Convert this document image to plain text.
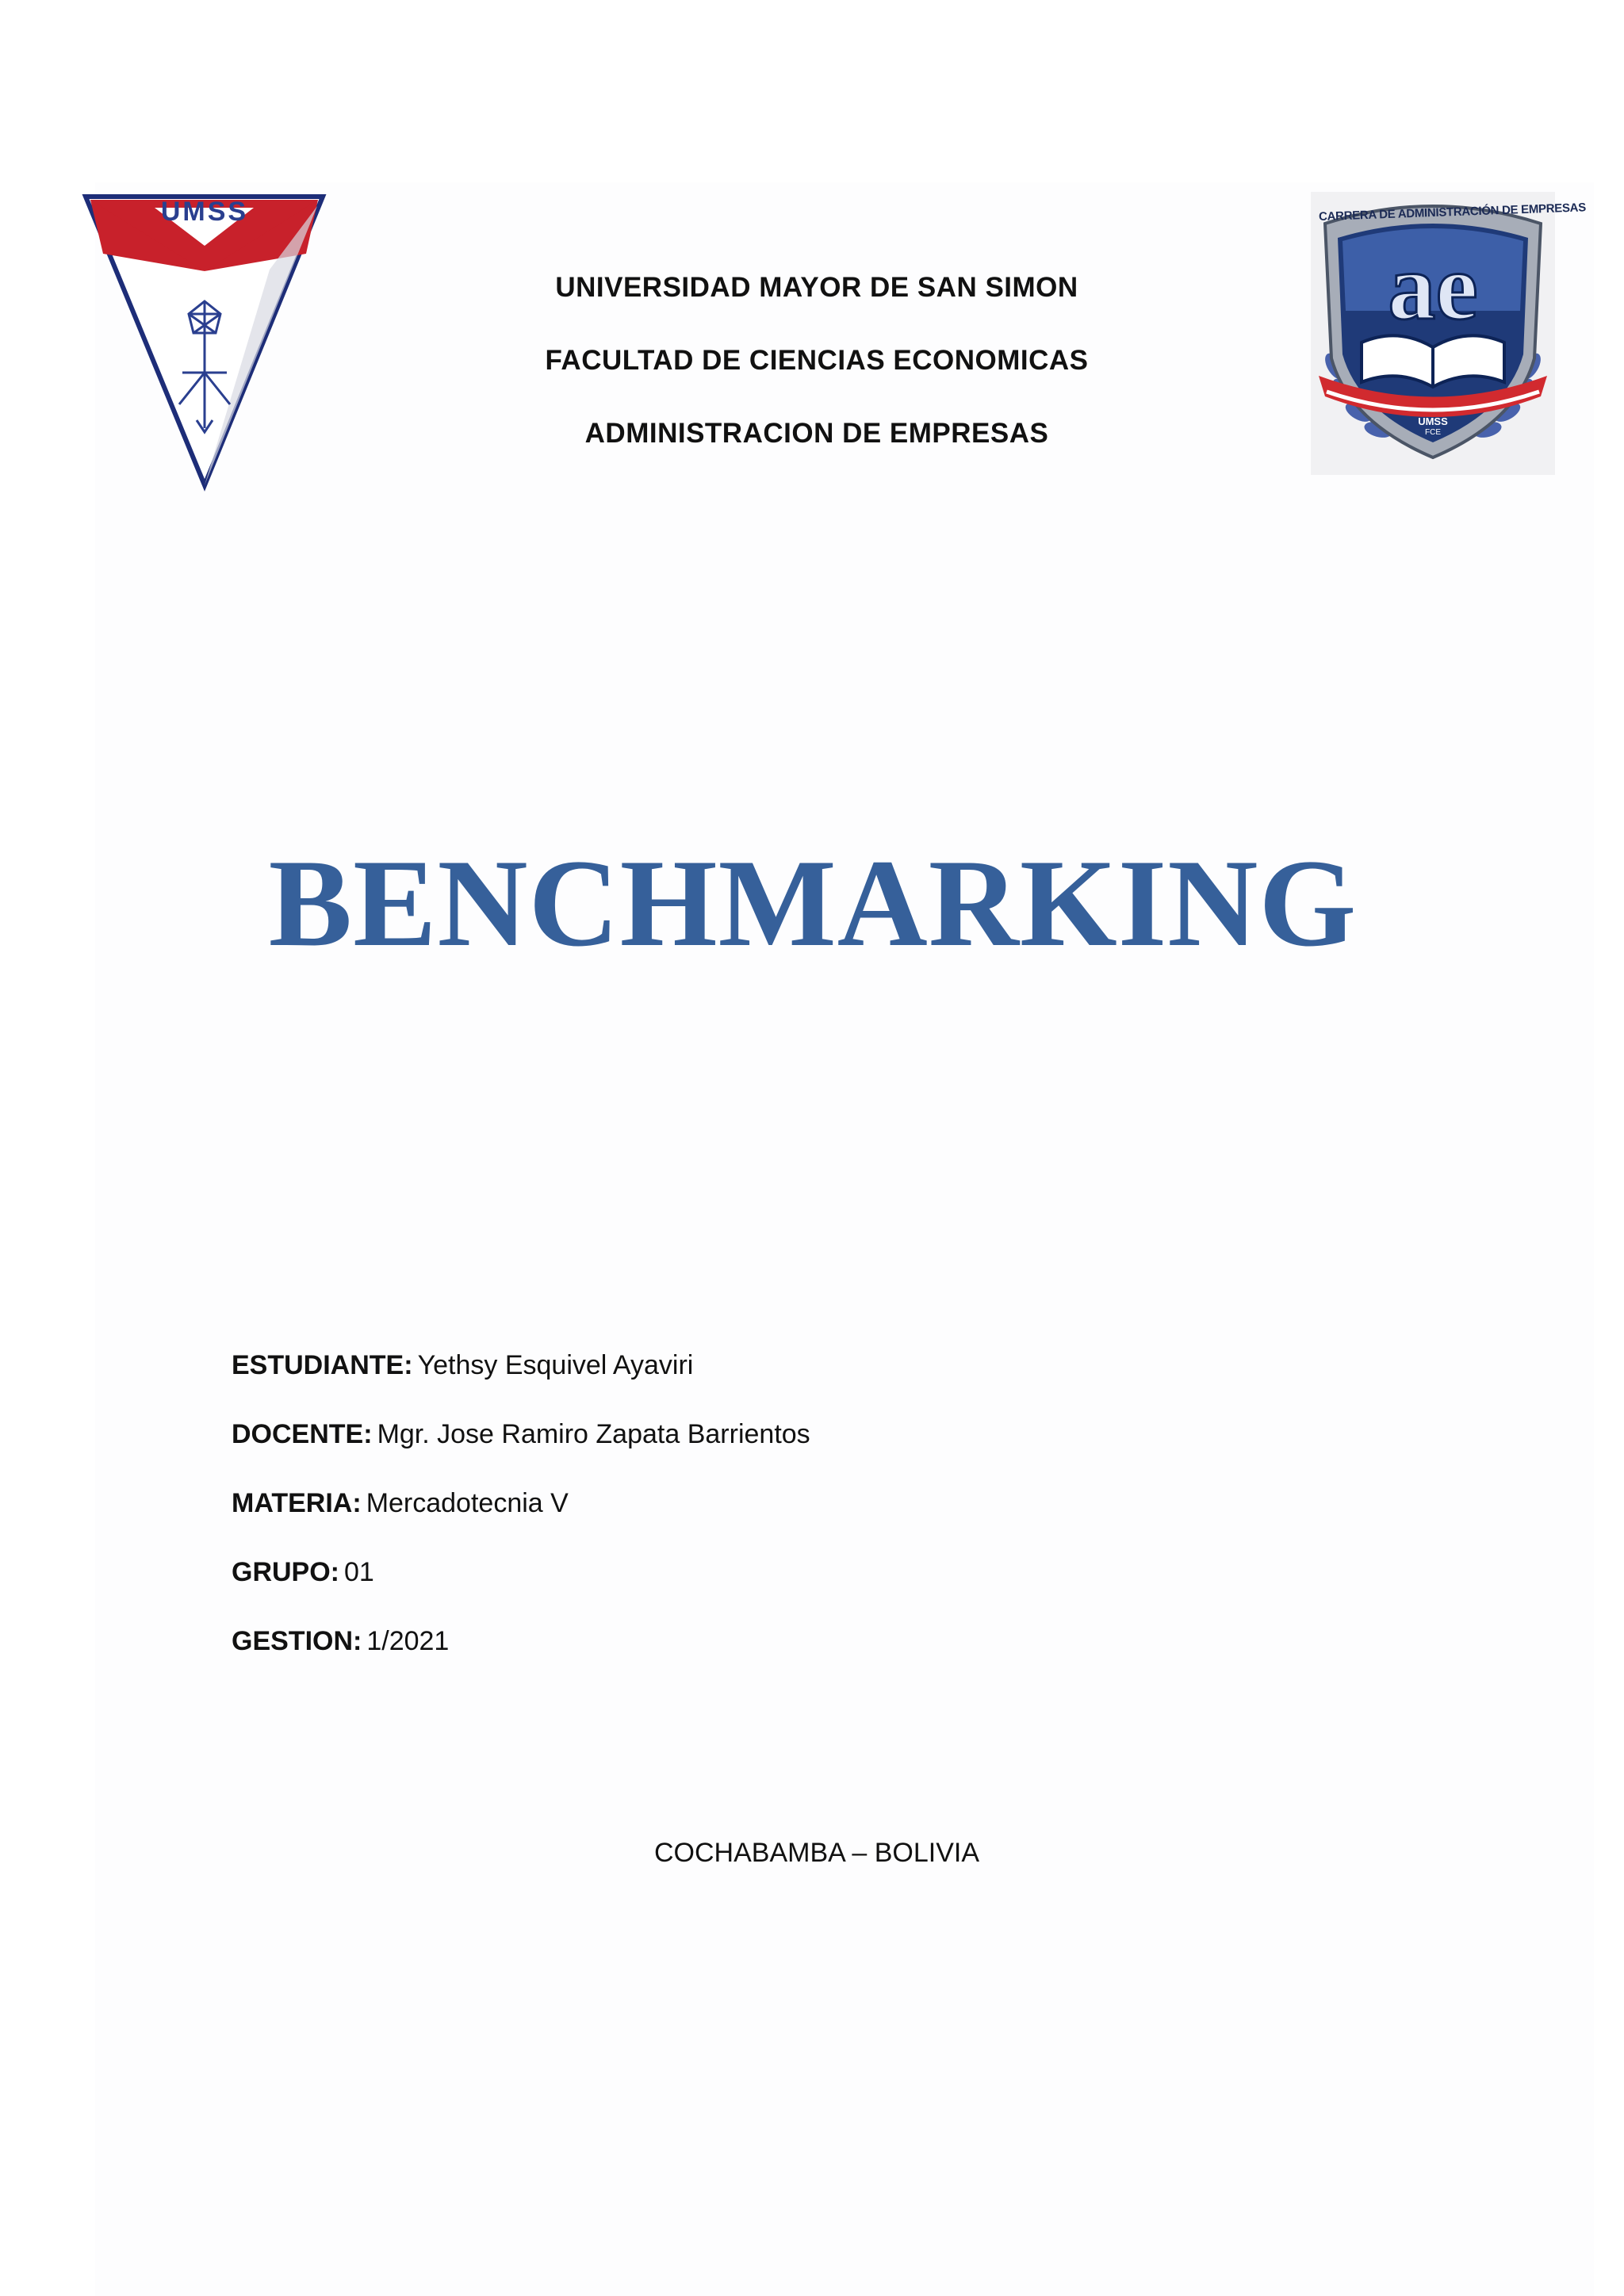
UMSS
ae
CARRERA DE ADMINISTRACIÓN DE EMPRESAS
UMSS
FCE
UNIVERSIDAD MAYOR DE SAN SIMON
FACULTAD DE CIENCIAS ECONOMICAS
ADMINISTRACION DE EMPRESAS
BENCHMARKING
ESTUDIANTE: Yethsy Esquivel Ayaviri
DOCENTE: Mgr. Jose Ramiro Zapata Barrientos
MATERIA: Mercadotecnia V
GRUPO: 01
GESTION: 1/2021
COCHABAMBA – BOLIVIA
